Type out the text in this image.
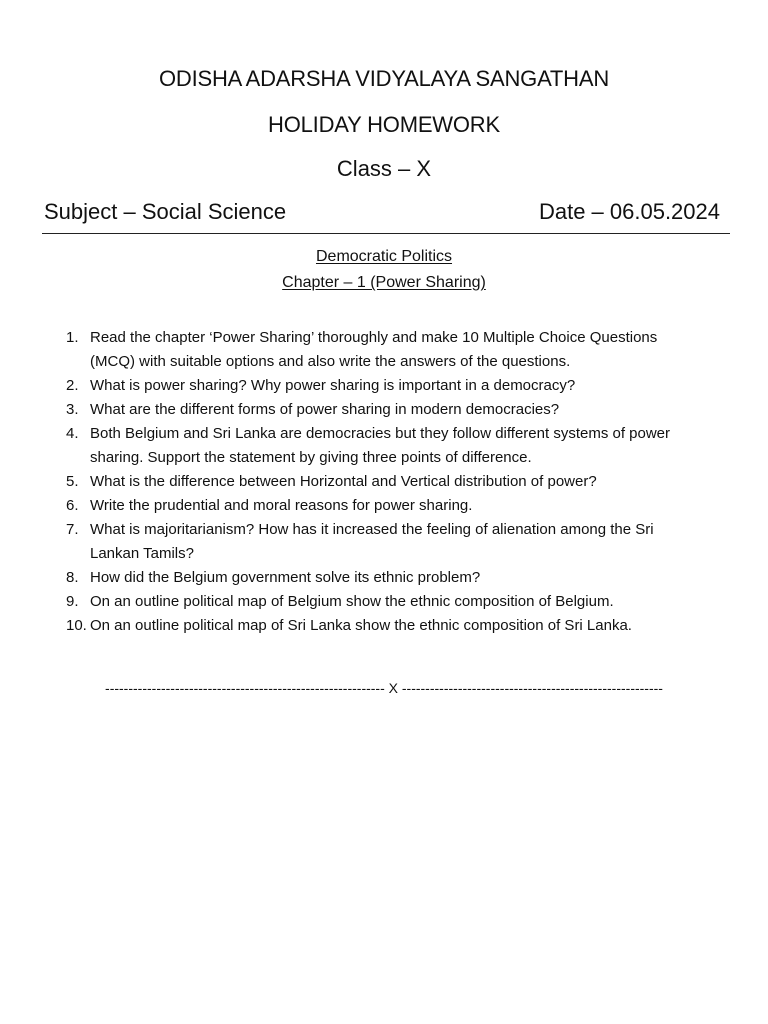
ODISHA ADARSHA VIDYALAYA SANGATHAN
HOLIDAY HOMEWORK
Class – X
Subject – Social Science	Date – 06.05.2024
Democratic Politics
Chapter – 1 (Power Sharing)
1. Read the chapter ‘Power Sharing’ thoroughly and make 10 Multiple Choice Questions
(MCQ) with suitable options and also write the answers of the questions.
2. What is power sharing? Why power sharing is important in a democracy?
3. What are the different forms of power sharing in modern democracies?
4. Both Belgium and Sri Lanka are democracies but they follow different systems of power
sharing. Support the statement by giving three points of difference.
5. What is the difference between Horizontal and Vertical distribution of power?
6. Write the prudential and moral reasons for power sharing.
7. What is majoritarianism? How has it increased the feeling of alienation among the Sri
Lankan Tamils?
8. How did the Belgium government solve its ethnic problem?
9. On an outline political map of Belgium show the ethnic composition of Belgium.
10. On an outline political map of Sri Lanka show the ethnic composition of Sri Lanka.
------------------------------------------------------------ X --------------------------------------------------------
